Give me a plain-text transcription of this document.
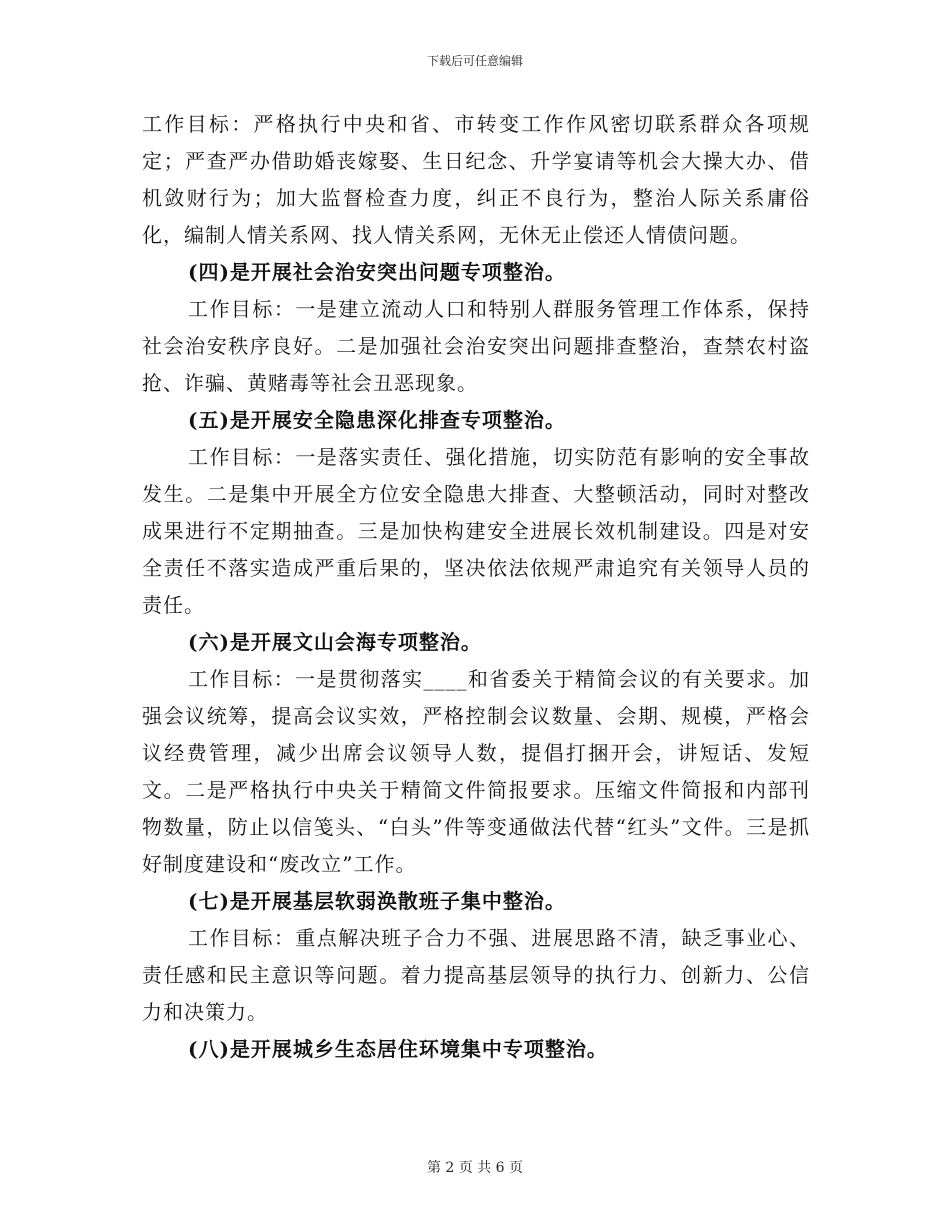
下载后可任意编辑

工作目标：严格执行中央和省、市转变工作作风密切联系群众各项规定；严查严办借助婚丧嫁娶、生日纪念、升学宴请等机会大操大办、借机敛财行为；加大监督检查力度，纠正不良行为，整治人际关系庸俗化，编制人情关系网、找人情关系网，无休无止偿还人情债问题。

(四)是开展社会治安突出问题专项整治。

工作目标：一是建立流动人口和特别人群服务管理工作体系，保持社会治安秩序良好。二是加强社会治安突出问题排查整治，查禁农村盗抢、诈骗、黄赌毒等社会丑恶现象。

(五)是开展安全隐患深化排查专项整治。

工作目标：一是落实责任、强化措施，切实防范有影响的安全事故发生。二是集中开展全方位安全隐患大排查、大整顿活动，同时对整改成果进行不定期抽查。三是加快构建安全进展长效机制建设。四是对安全责任不落实造成严重后果的，坚决依法依规严肃追究有关领导人员的责任。

(六)是开展文山会海专项整治。

工作目标：一是贯彻落实____和省委关于精简会议的有关要求。加强会议统筹，提高会议实效，严格控制会议数量、会期、规模，严格会议经费管理，减少出席会议领导人数，提倡打捆开会，讲短话、发短文。二是严格执行中央关于精简文件简报要求。压缩文件简报和内部刊物数量，防止以信笺头、“白头”件等变通做法代替“红头”文件。三是抓好制度建设和“废改立”工作。

(七)是开展基层软弱涣散班子集中整治。

工作目标：重点解决班子合力不强、进展思路不清，缺乏事业心、责任感和民主意识等问题。着力提高基层领导的执行力、创新力、公信力和决策力。

(八)是开展城乡生态居住环境集中专项整治。

第 2 页 共 6 页
